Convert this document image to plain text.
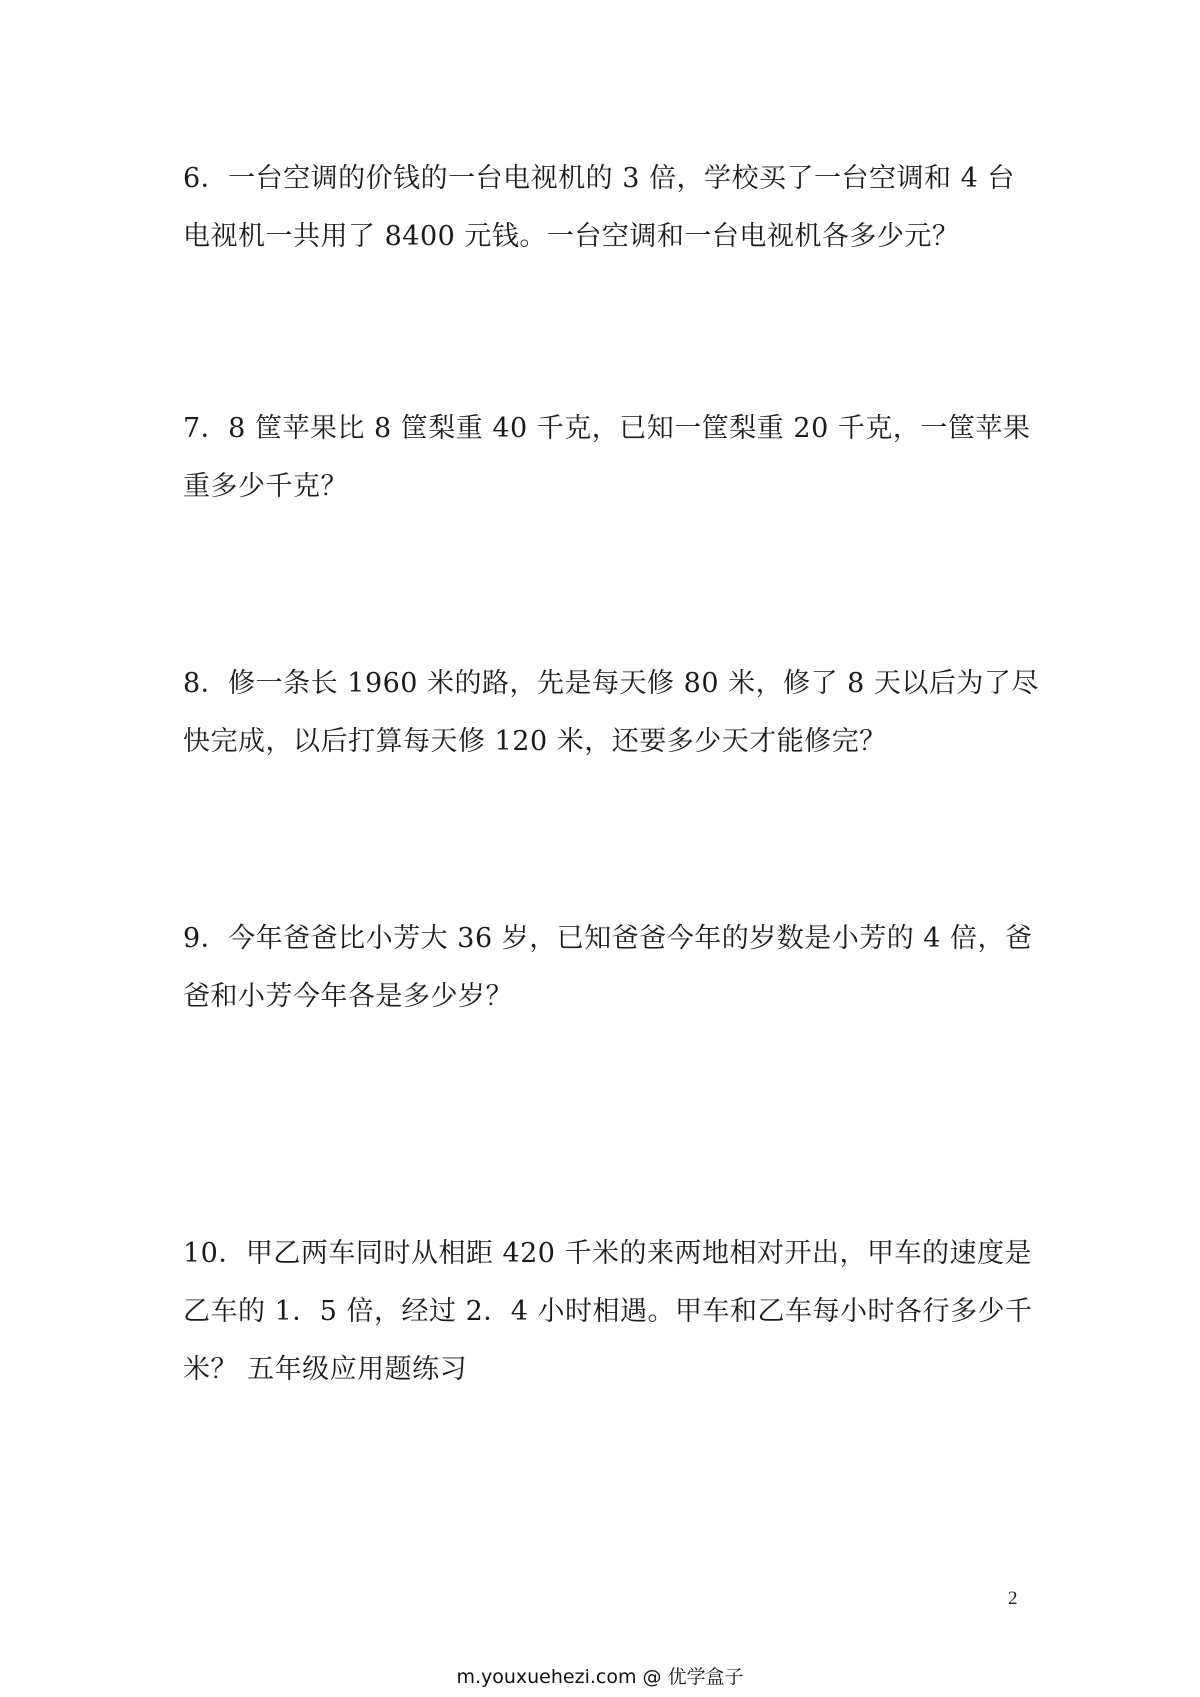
6．一台空调的价钱的一台电视机的 3 倍，学校买了一台空调和 4 台
电视机一共用了 8400 元钱。一台空调和一台电视机各多少元？
7．8 筐苹果比 8 筐梨重 40 千克，已知一筐梨重 20 千克，一筐苹果
重多少千克？
8．修一条长 1960 米的路，先是每天修 80 米，修了 8 天以后为了尽
快完成，以后打算每天修 120 米，还要多少天才能修完？
9．今年爸爸比小芳大 36 岁，已知爸爸今年的岁数是小芳的 4 倍，爸
爸和小芳今年各是多少岁？
10．甲乙两车同时从相距 420 千米的来两地相对开出，甲车的速度是
乙车的 1．5 倍，经过 2．4 小时相遇。甲车和乙车每小时各行多少千
米？ 五年级应用题练习
2
m.youxuehezi.com @ 优学盒子
